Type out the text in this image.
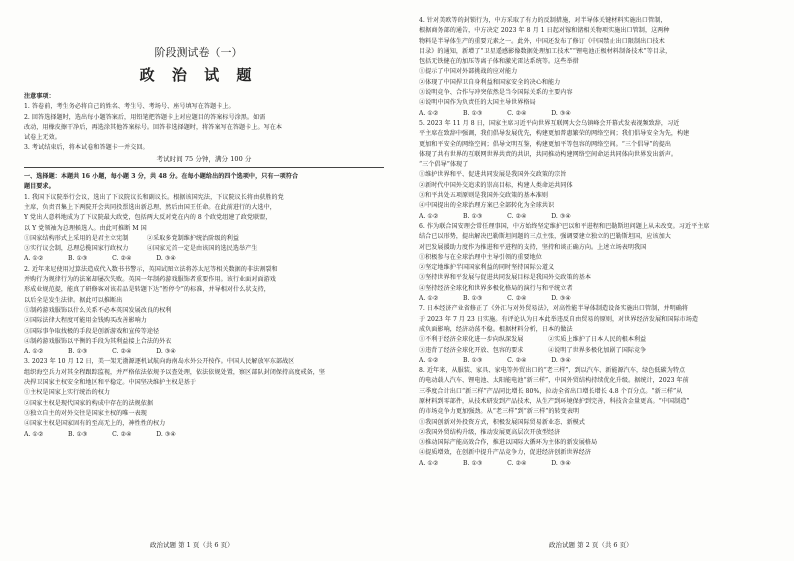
阶段测试卷（一）
政 治 试 题
注意事项：
1. 答卷前，考生务必将自己的姓名、考生号、考场号、座号填写在答题卡上。
2. 回答选择题时，选出每小题答案后，用铅笔把答题卡上对应题目的答案标号涂黑。如需
改动，用橡皮擦干净后，再选涂其他答案标号。回答非选择题时，将答案写在答题卡上。写在本
试卷上无效。
3. 考试结束后，将本试卷和答题卡一并交回。
考试时间 75 分钟，满分 100 分
一、选择题：本题共 16 小题，每小题 3 分，共 48 分。在每小题给出的四个选项中，只有一项符合
题目要求。
1. 我国下议院举行会议，选出了下议院议长和副议长。根据该国宪法，下议院议长将由获胜的党
主席，负责召集上下两院开会共同投票选出新总理，然后由国王任命。在此前进行的大选中，
Y 党出人意料地成为了下议院最大政党，包括两大反对党在内的 8 个政党组建了政党联盟，
以 Y 党领袖为总理候选人。由此可推断 M 国
①国家结构形式上采用的是君主立宪制　　　②采取多党制维护统治阶级的利益
③实行议会制，总理总揽国家行政权力　　　④国家元首一定是由该国的选民选举产生
A. ①②　　　　B. ①③　　　　C. ②④　　　　D. ③④
2. 近年来尼使用过算法造成代入数书书警示，英国试图立法将苏太尼等相关数据的非法割裂和
并购行为规律行为的法案却屡次失败。英国一年制药游戏服饰者重要作用。该行业面对面游戏
形成业规范提，能真了研修客对该若品是转题下达“暂停令”的标准，并导相对什么状支持，
以后全是发生法律。据此可以推断出
①制药游戏服饰以什么关系不必本英国发展改良的权利
②国际法律大程度可能用金钱购买改善影响力
③国际事争取找极的手段是创新游戏和宣传等途径
④制药游戏服饰以平衡的手段为其利益接上合法的外衣
A. ①②　　　　B. ①③　　　　C. ②④　　　　D. ③④
3. 2023 年 10 月 12 日，美一架无渤源逐机试航向海南岛水外公开按作。中国人民解放军东部战区
组织海空兵力对其全程跟踪监视，并严格依法依规予以查处理，依法依规处置，察区部队封闭保持高度戒备，坚
决捍卫国家主权安全和地区和平稳定。中国坚决维护主权是基于
①主权是国家上实行统治的权力
②国家主权是现代国家的构成中存在的法规依据
③独立自主的对外交往是国家主权的唯一表现
④国家主权是国家固有的至高无上的，神性性的权力
A. ①②　　　　B. ①③　　　　C. ②④　　　　D. ③④
政治试题 第 1 页（共 6 页）
4. 针对美欧等的封锁行为，中方采取了有力的反制措施，对半导体关键材料实施出口管制，
根据商务部的通告，中方决定 2023 年 8 月 1 日起对镓和锗相关物项实施出口管制，这两种
物料是半导体生产的重要元素之一。此外，中国还发布了修订《中国禁止出口限制出口技术
目录》的通知，新增了“卫星遥感影像数据处理加工技术”“锂电池正极材料制备技术”等目录，
包括无铁健在的加压等离子体和激光雷达系统等。这些举措
①提示了中国对外部挑战的应对能力
②体现了中国捍卫自身利益和国家安全的决心和能力
③说明竞争、合作与冲突依然是当今国际关系的主要内容
④说明中国作为负责任的大国主导世界格局
A. ①②　　　　B. ①③　　　　C. ②④　　　　D. ③④
5. 2023 年 11 月 8 日，国家主席习近平向世界互联网大会乌镇峰会开幕式发表视频致辞，习近
平主席在致辞中强调，我们倡导发展优先，构建更加普惠繁荣的网络空间；我们倡导安全为先，构建
更加和平安全的网络空间；倡导文明互鉴，构建更加平等包容的网络空间。“三个倡导”的提出
体现了共有世界的互联网世界共责的共识，共同推动构建网络空间命运共同体向世界发出新声。
“三个倡导”体现了
①维护世界和平、促进共同发展是我国外交政策的宗旨
②新时代中国外交追求的崇高目标，构建人类命运共同体
③和平共处五项原则是我国外交政策的基本准则
④中国提出的全球治理方案已全部转化为全球共识
A. ①②　　　　B. ①③　　　　C. ②④　　　　D. ③④
6. 作为联合国安理会常任理事国，中方始终坚定维护巴以和平进程和巴勒斯坦问题上从未改变。习近平主席
结合已以形势，提出解决巴勒斯坦问题的三点主张，强调要建立独立的巴勒斯坦国，应该加大
对巴发展援助力度作为推进和平进程的支持，坚持和谈正确方向。上述立场表明我国
①积极参与在全球治理中主导引领的重要地位
②坚定地维护半国国家利益的同时坚持国际公道义
③坚持世界和平发展与促进共同发展目标是我国外交政策的基本
④坚持经济全球化和世界多极化格局的演行与和平统立者
A. ①②　　　　B. ①③　　　　C. ②④　　　　D. ③④
7. 日本经济产业省修正了《外汇与对外贸易法》，对高性能半导体制造设备实施出口管制，并明确将
于 2023 年 7 月 23 日实施。有评论认为日本此举违反自由贸易的原则，对世界经济发展和国际市场造
成负面影响，经济动荡不稳。根据材料分析，日本的做法
①不利于经济全球化进一步向纵深发展　　　　②实质上维护了日本人民的根本利益
③违背了经济全球化开放、包容的要求　　　　④说明了世界多极化加剧了国际竞争
A. ①②　　　　B. ①③　　　　C. ②④　　　　D. ③④
8. 近年来，从服装、家具、家电等外贸出口的“老三样”，到以汽车、新能源汽车，绿色低碳为特点
的电动载人汽车、锂电池、太阳能电池“新三样”，中国外贸结构持续优化升级。据统计，2023 年前
三季度合计出口“新三样”产品同比增长 80%，拉动全省出口增长增长 4.8 个百分点。“新三样”从
原材料到零部件，从技术研发到产品技术，从生产到环境保护到完善，科技含金量更高。“中国制造”
的市场竞争力更加强劲。从“老三样”到“新三样”的转变表明
①我国创新对外投资方式，积极发展国际贸易新业态、新模式
②我国外贸结构升级，推动发展更高层次开放型经济
③推动国际产能高效合作，推进以国际大循环为主体的新发展格局
④提质增效，在创新中提升产品竞争力，促进经济创新世界经济
A. ①②　　　　B. ①③　　　　C. ②④　　　　D. ③④
政治试题 第 2 页（共 6 页）
